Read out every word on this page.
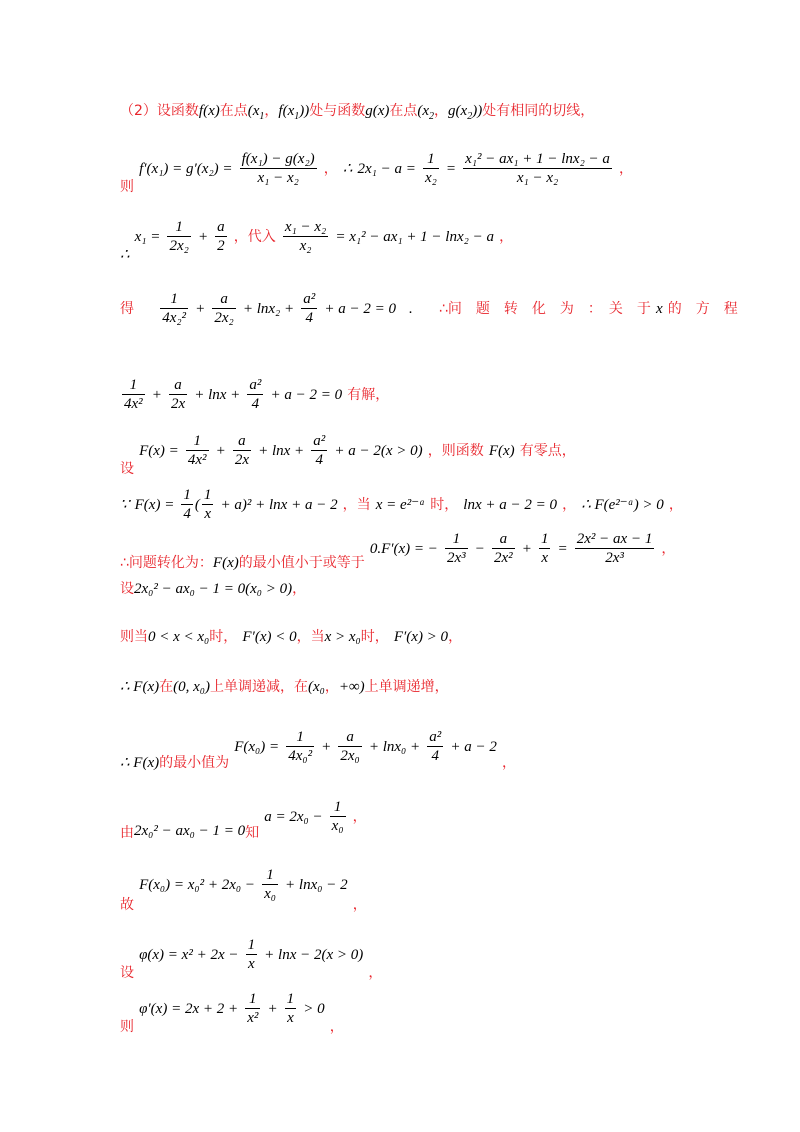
（2）设函数f(x)在点($x_1$，$f(x_1)$)处与函数g(x)在点($x_2$，$g(x_2)$)处有相同的切线，
则 $f'(x_1) = g'(x_2) = \frac{\text{f(x₁) − g(x₂)}}{\text{x₁ − x₂}}$ ， ∴ $2x_1 - a = \frac{1}{\text{x₂}} = \frac{\text{x₁² − ax₁ + 1 − lnx₂ − a}}{\text{x₁ − x₂}}$ ，
∴ $x_1 = \frac{1}{\text{2x₂}} + \frac{a}{2}$ ，代入 $\frac{\text{x₁ − x₂}}{\text{x₂}} = x_1^2 - ax_1 + 1 - \ln x_2 - a$ ，
得 $\frac{1}{\text{4x₂²}} + \frac{a}{\text{2x₂}} + \ln x_2 + \frac{\text{a²}}{4} + a - 2 = 0$ . ∴问　题　转　化　为　：　关　于 x 的　方　程
$\frac{1}{\text{4x²}} + \frac{a}{2x} + \ln x + \frac{\text{a²}}{4} + a - 2 = 0$ 有解，
设 $F(x) = \frac{1}{\text{4x²}} + \frac{a}{2x} + \ln x + \frac{\text{a²}}{4} + a - 2(x > 0)$ ，则函数 F(x) 有零点，
∵ $F(x) = \frac{1}{4}$ ( $\frac{1}{x} + a)^2 + \ln x + a - 2$ ，当 x = e²⁻ᵃ 时， lnx + a − 2 = 0 ， ∴ F(e²⁻ᵃ) > 0 ，
∴问题转化为：F(x)的最小值小于或等于 0.F′(x) = − $\frac{1}{\text{2x³}} - \frac{a}{\text{2x²}} + \frac{1}{x} = \frac{\text{2x² − ax − 1}}{\text{2x³}}$ ，
设2x₀² − ax₀ − 1 = 0(x₀ > 0)，
则当0 < x < x₀时， F′(x) < 0，当x > x₀时， F′(x) > 0，
∴ F(x)在(0, x₀)上单调递减，在(x₀，+∞)上单调递增，
∴ F(x)的最小值为 $F(x_0) = \frac{1}{\text{4x₀²}} + \frac{a}{\text{2x₀}} + \ln x_0 + \frac{\text{a²}}{4} + a - 2$ ，
由2x₀² − ax₀ − 1 = 0知 $a = 2x_0 - \frac{1}{\text{x₀}}$ ，
故 $F(x_0) = x_0^2 + 2x_0 - \frac{1}{\text{x₀}} + \ln x_0 - 2$ ，
设 $\varphi(x) = x^2 + 2x - \frac{1}{x} + \ln x - 2(x > 0)$ ，
则 $\varphi'(x) = 2x + 2 + \frac{1}{\text{x²}} + \frac{1}{x} > 0$ ，
